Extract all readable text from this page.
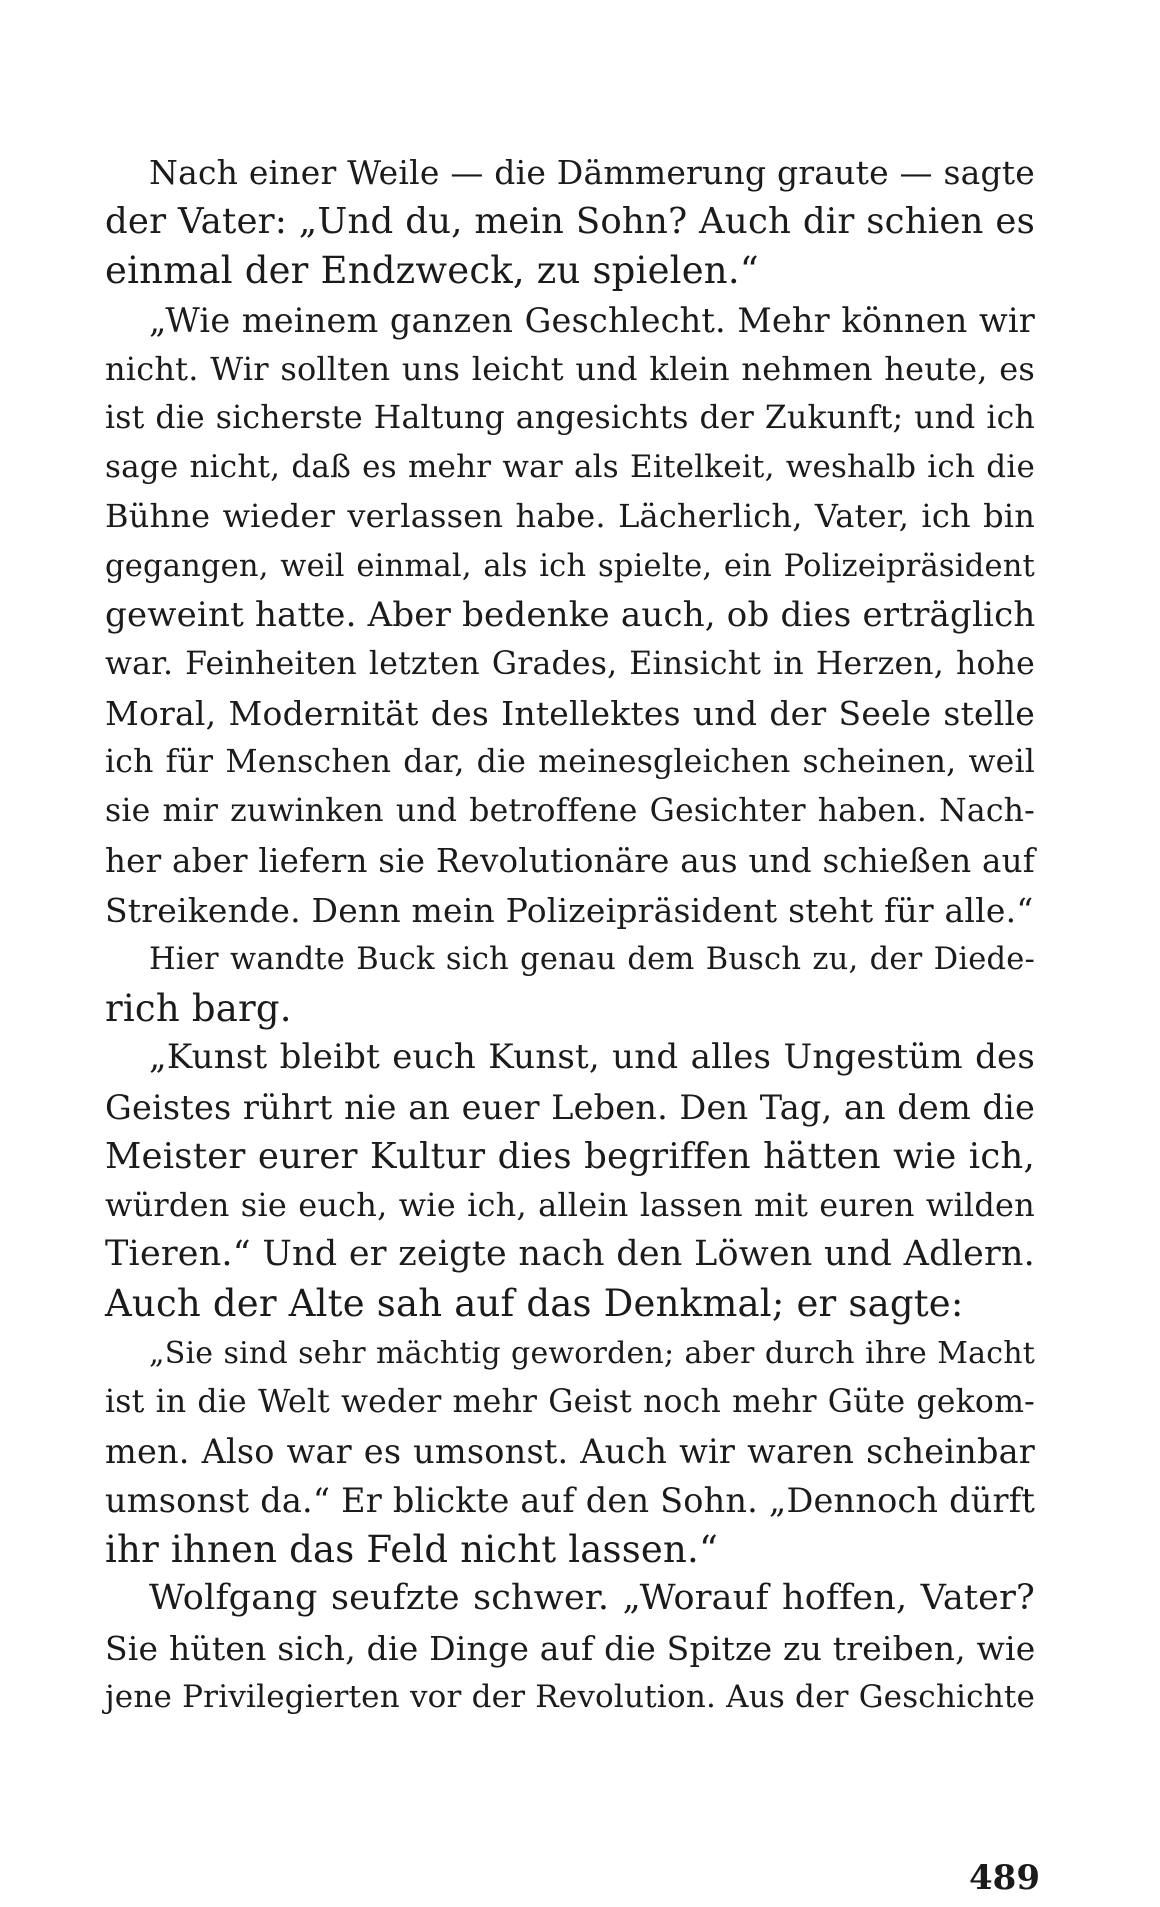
Nach einer Weile — die Dämmerung graute — sagte
der Vater: „Und du, mein Sohn? Auch dir schien es
einmal der Endzweck, zu spielen.“
„Wie meinem ganzen Geschlecht. Mehr können wir
nicht. Wir sollten uns leicht und klein nehmen heute, es
ist die sicherste Haltung angesichts der Zukunft; und ich
sage nicht, daß es mehr war als Eitelkeit, weshalb ich die
Bühne wieder verlassen habe. Lächerlich, Vater, ich bin
gegangen, weil einmal, als ich spielte, ein Polizeipräsident
geweint hatte. Aber bedenke auch, ob dies erträglich
war. Feinheiten letzten Grades, Einsicht in Herzen, hohe
Moral, Modernität des Intellektes und der Seele stelle
ich für Menschen dar, die meinesgleichen scheinen, weil
sie mir zuwinken und betroffene Gesichter haben. Nach-
her aber liefern sie Revolutionäre aus und schießen auf
Streikende. Denn mein Polizeipräsident steht für alle.“
Hier wandte Buck sich genau dem Busch zu, der Diede-
rich barg.
„Kunst bleibt euch Kunst, und alles Ungestüm des
Geistes rührt nie an euer Leben. Den Tag, an dem die
Meister eurer Kultur dies begriffen hätten wie ich,
würden sie euch, wie ich, allein lassen mit euren wilden
Tieren.“ Und er zeigte nach den Löwen und Adlern.
Auch der Alte sah auf das Denkmal; er sagte:
„Sie sind sehr mächtig geworden; aber durch ihre Macht
ist in die Welt weder mehr Geist noch mehr Güte gekom-
men. Also war es umsonst. Auch wir waren scheinbar
umsonst da.“ Er blickte auf den Sohn. „Dennoch dürft
ihr ihnen das Feld nicht lassen.“
Wolfgang seufzte schwer. „Worauf hoffen, Vater?
Sie hüten sich, die Dinge auf die Spitze zu treiben, wie
jene Privilegierten vor der Revolution. Aus der Geschichte
489
